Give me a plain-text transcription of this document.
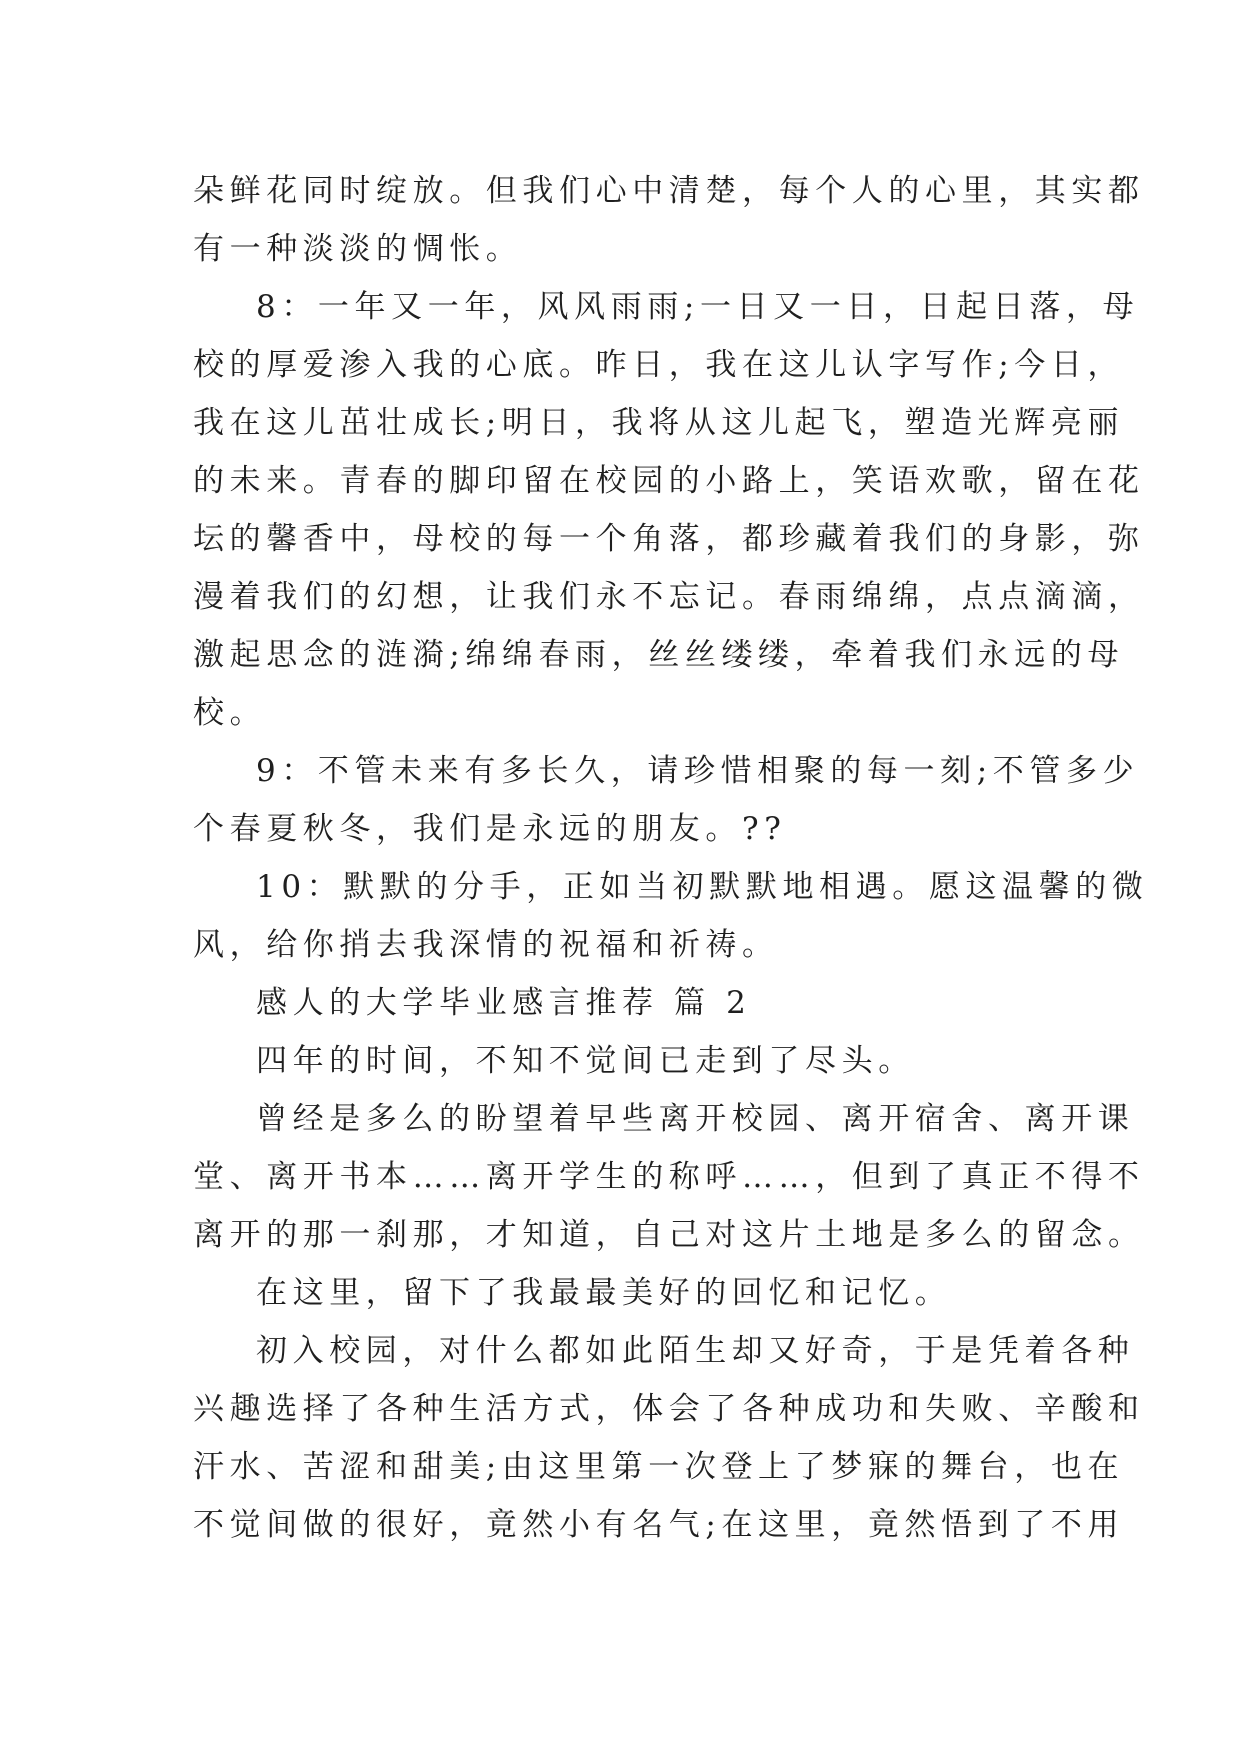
朵鲜花同时绽放。但我们心中清楚，每个人的心里，其实都
有一种淡淡的惆怅。
8：一年又一年，风风雨雨;一日又一日，日起日落，母
校的厚爱渗入我的心底。昨日，我在这儿认字写作;今日，
我在这儿茁壮成长;明日，我将从这儿起飞，塑造光辉亮丽
的未来。青春的脚印留在校园的小路上，笑语欢歌，留在花
坛的馨香中，母校的每一个角落，都珍藏着我们的身影，弥
漫着我们的幻想，让我们永不忘记。春雨绵绵，点点滴滴，
激起思念的涟漪;绵绵春雨，丝丝缕缕，牵着我们永远的母
校。
9：不管未来有多长久，请珍惜相聚的每一刻;不管多少
个春夏秋冬，我们是永远的朋友。??
10：默默的分手，正如当初默默地相遇。愿这温馨的微
风，给你捎去我深情的祝福和祈祷。
感人的大学毕业感言推荐 篇 2
四年的时间，不知不觉间已走到了尽头。
曾经是多么的盼望着早些离开校园、离开宿舍、离开课
堂、离开书本……离开学生的称呼……，但到了真正不得不
离开的那一刹那，才知道，自己对这片土地是多么的留念。
在这里，留下了我最最美好的回忆和记忆。
初入校园，对什么都如此陌生却又好奇，于是凭着各种
兴趣选择了各种生活方式，体会了各种成功和失败、辛酸和
汗水、苦涩和甜美;由这里第一次登上了梦寐的舞台，也在
不觉间做的很好，竟然小有名气;在这里，竟然悟到了不用
